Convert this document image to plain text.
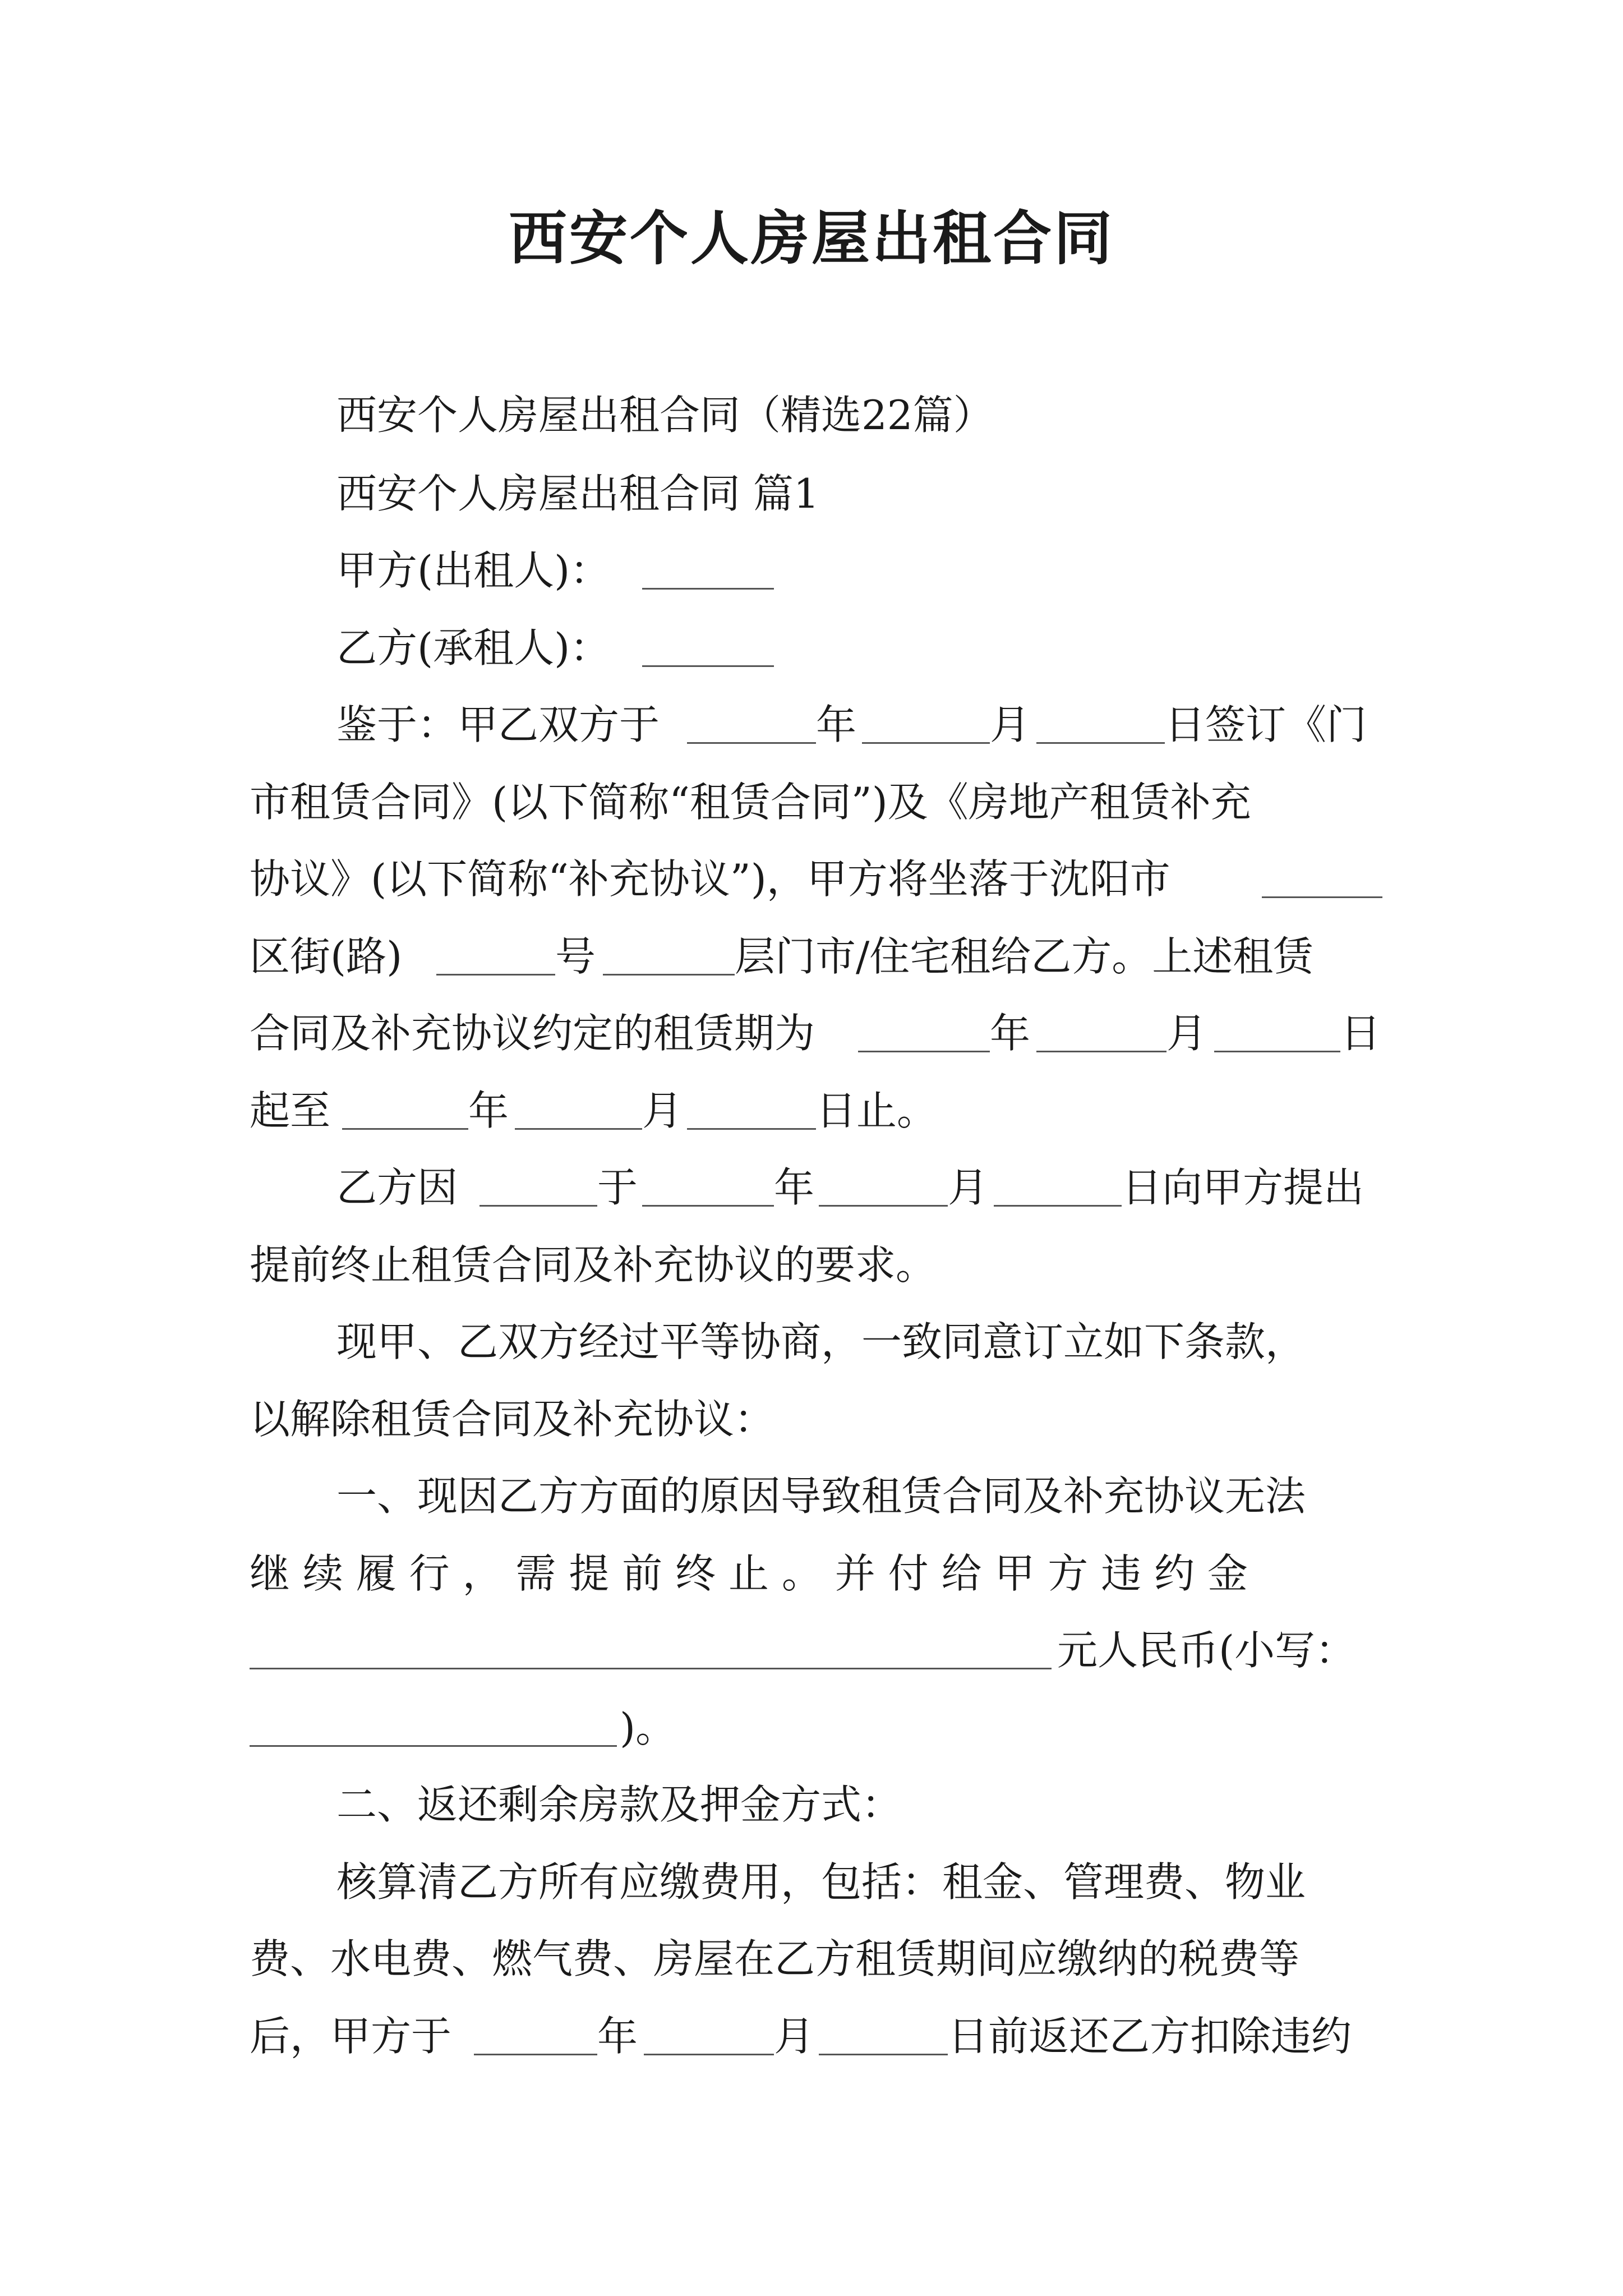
西安个人房屋出租合同
西安个人房屋出租合同（精选22篇）
西安个人房屋出租合同 篇1
甲方(出租人)：
乙方(承租人)：
鉴于：甲乙双方于	年	月	日签订《门
市租赁合同》(以下简称“租赁合同”)及《房地产租赁补充
协议》(以下简称“补充协议”)，甲方将坐落于沈阳市
区街(路)	号	层门市/住宅租给乙方。上述租赁
合同及补充协议约定的租赁期为	年	月	日
起至	年	月	日止。
乙方因	于	年	月	日向甲方提出
提前终止租赁合同及补充协议的要求。
现甲、乙双方经过平等协商，一致同意订立如下条款，
以解除租赁合同及补充协议：
一、现因乙方方面的原因导致租赁合同及补充协议无法
继 续 履 行 ， 需 提 前 终 止 。 并 付 给 甲 方 违 约 金
元人民币(小写：
)。
二、返还剩余房款及押金方式：
核算清乙方所有应缴费用，包括：租金、管理费、物业
费、水电费、燃气费、房屋在乙方租赁期间应缴纳的税费等
后，甲方于	年	月	日前返还乙方扣除违约
